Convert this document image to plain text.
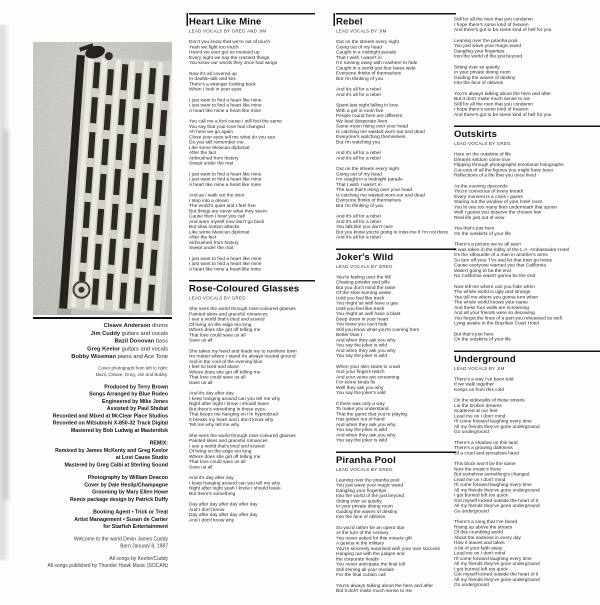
Cleave Anderson drums
Jim Cuddy guitars and vocals
Bazil Donovan bass
Greg Keelor guitars and vocals
Bobby Wiseman piano and Ace Tone
Cover photograph from left to right:
Bazil, Cleave, Greg, Jim and Bobby.
Produced by Terry Brown
Songs Arranged by Blue Rodeo
Engineered by Mike Jones
Assisted by Paul Shubat
Recorded and Mixed at McClear Place Studios
Recorded on Mitsubishi X-850-32 Track Digital
Mastered by Bob Ludwig at Masterdisk
REMIX:
Remixed by James McKenty and Greg Keelor
at Lost Cause Studio
Mastered by Greg Calbi at Sterling Sound
Photography by William Deacon
Cover by Dale Heslip/Champagne
Grooming by Mary Ellen Howe
Remix package design by Patrick Duffy
Booking Agent • Trick or Treat
Artist Management • Susan de Cartier
for Starfish Entertainment
Welcome to the world Devin James Cuddy
Born January 8, 1987
All songs by Keelor/Cuddy
All songs published by Thunder Hawk Music (SOCAN)
Heart Like Mine
LEAD VOCALS BY GREG AND JIM
Don't you know that we're out of touch
Yeah we fight too much
How'd we ever get so messed up
Every night we say the craziest things
You know our words they once had wings
Now it's all covered up
In double-talk and lies
There's a stranger looking back
When I look in your eyes
I just want to find a heart like mine
I just want to find a heart like mine
A heart like mine a heart like mine
You call me a fool cause I still feel the same
You say that your love has changed
Ah here we go again
Close your eyes tell me what do you see
Do you still remember me
Like some Mexican diplomat
After the fact
Airbrushed from history
Swept under the mat
I just want to find a heart like mine
I just want to find a heart like mine
A heart like mine a heart like mine
And as I walk out the door
I step into a dream
The world's quiet and I feel free
But things are never what they seem
Cause then I hear you call
And warn myself now don't go back
But slow motion attacks
Like some Mexican diplomat
After the fact
Airbrushed from history
Swept under the mat
I just want to find a heart like mine
I just want to find a heart like mine
A heart like mine a heart like mine
Rose-Coloured Glasses
LEAD VOCALS BY GREG
She sees the world through rose-coloured glasses
Painted skies and graceful romances
I see a world that's tired and scared
Of living on the edge too long
Where does she get off telling me
That love could save us all
Save us all
She takes my hand and leads me to nowhere town
No matter where I stand it's always neutral ground
And in the cool of the evening blue
I feel so tired and alone
Where does she get off telling me
That love could save us all
Save us all
And it's day after day
I keep hanging around can you tell me why
Night after night I know I should leave
But there's something in those eyes
That keeps me hanging on I'm hypnotized
It breaks my heart and I don't know why
Tell me why tell me why
She sees the world through rose-coloured glasses
Painted skies and graceful romances
I see a world that's tired and scared
Of living on the edge too long
Where does she get off telling me
That love could save us all
Save us all
And it's day after day
I keep hanging around can you tell me why
Night after night yeah I know I should leave
But there's something
Day after day after day after day
And I don't know
Day after day after day after day
And I don't know why
Rebel
LEAD VOCALS BY JIM
Out on the streets every night
Going out of my head
Caught in a midnight parade
That I wish I wasn't in
I'm running away with nowhere to hide
Caught in a world just four lanes wide
Everyone thinks of themselves
But I'm thinking of you
And it's all for a rebel
And it's all for a rebel
Spent last night falling in love
With a girl in room five
People round here are different
We lead desperate lives
Same moon rising over your head
Is catching me wasted worn-out and dead
Everyone's watching themselves
But I'm watching you
And it's all for a rebel
And it's all for a rebel
Out on the streets every night
Going out of my head
I'm caught in a midnight parade
That I wish I wasn't in
The sun that's rising over your head
Is catching me wasted worn-out and dead
Everyone thinks of themselves
But I'm thinking of you
And it's all for a rebel
And it's all for a rebel
You talk like you don't care
But you know you're going to miss me if I'm not there
And it's all for a rebel
Joker's Wild
LEAD VOCALS BY GREG
You're feeling over the hill
Chasing powder and pills
But you don't mind the taste
Of the slow burning waste
Until you feel like trash
You might as well have a gas
Until you feel like trash
You might as well have a blast
Deep down in your heart
You know you can't hide
Still you know what you're running from
Better than I
And when they ask you why
You say the joker is wild
And when they ask you why
You say the joker is wild
When your skin starts to crawl
And your fingers twitch
And your veins are screaming
For some kinda fix
Well they ask you why
You say the joker's wild
If there was only a way
To make you understand
That the game that you're playing
Has gotten out of hand
And when they ask you why
You say the joker is wild
And when they ask you why
You say the joker is wild
Piranha Pool
LEAD VOCALS BY GREG
Leaning over the piranha pool
You just wave your magic wand
Dangling your fingertips
Into the world of the just beyond
Sitting ever so quietly
In your private dining room
Guiding the waves of destiny
Into the face of oblivion
So you'd rather be an opera star
At the turn of the century
You never asked for this miracle gift
A genius in the military
You're sincerely surprised with your own success
Hanging out with the judges and
the corporate heads
You never anticipate the final toll
Still shining all your medals
For the final curtain call
You're always talking about the here and after
But it don't make much sense to me
Still for all the men that you condemn
I hope there's some kind of heaven
And there's got to be some kind of hell for you
Leaning over the piranha pool
You just wave your magic wand
Dangling your fingertips
Into the world of the just beyond
Sitting ever so quietly
In your private dining room
Guiding the waves of destiny
Into the face of oblivion
You're always talking about the here and after
But it don't make much sense to me
Still for all the men that you condemn
I hope there's some kind of heaven
And there's got to be some kind of hell for you
Outskirts
LEAD VOCALS BY GREG
Here on the outskirts of life
Dreams seldom come true
Flipping through photographs emotional holographs
Cut-outs of all the figures you might have been
Reflections of a life that you once lived
As the evening descends
You're conscious of every breath
Every moment is a crisis I guess
Staring out the window of your hotel room
You lit one too many fires underneath that spoon
Well I guess you deserve the chosen few
Real life just out of view
Yea that's just here
On the outskirts of your life
There's a picture we've all seen
It was taken in the lobby of the L.A. Ambassador Hotel
It's the silhouette of a man in another's arms
So turn off your TVs and let that train go home
Cause everyone warned you that California
Wasn't going to be the end
No California wasn't gonna be the end
Now tell me where can you hide when
The whole world is ugly and strange
Yea tell me where you gonna turn when
The whole world knows your name
And these four walls are screaming
And all your friends were so deceiving
You forgot the lines of a part you rehearsed so well
Lying awake in the Brazilian Court Hotel
But that's just here
On the outskirts of your life
Underground
LEAD VOCALS BY JIM
There's a way I've been told
If we walk together
Keeps us from this cold
On the sidewalks of these streets
Lie the broken dreams
Scattered at our feet
Lead me on I don't mind
I'll come forward laughing every time
All my friends they've gone underground
Go underground
There's a shadow on this land
There's a growing darkness
Of a cruel and senseless hand
This block won't be the same
Now the music's there
But somehow something's changed
Lead me on I don't mind
I'll come forward laughing every time
All my friends they've gone underground
I got burned left too quick
Got myself locked outside the heart of it
All my friends they've gone underground
Go underground
There's a song that I've heard
Rising up above the streets
Of this crumbling world
About the sadness in every day
How it leaves and takes
A bit of your faith away
Lead me on I don't mind
I'll come forward laughing every time
All my friends they've gone underground
I got burned left too quick
Got myself locked outside the heart of it
All my friends they've gone underground
Go underground
